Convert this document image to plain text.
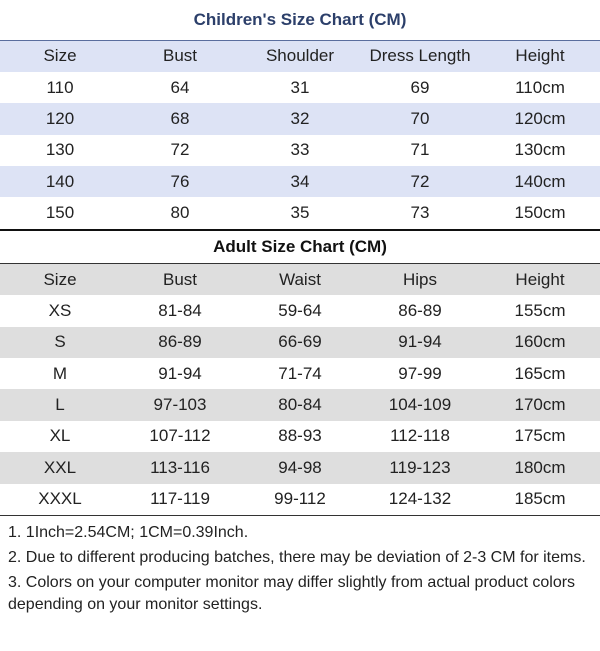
Children's Size Chart (CM)
Size	Bust	Shoulder	Dress Length	Height
110	64	31	69	110cm
120	68	32	70	120cm
130	72	33	71	130cm
140	76	34	72	140cm
150	80	35	73	150cm
Adult Size Chart (CM)
Size	Bust	Waist	Hips	Height
XS	81-84	59-64	86-89	155cm
S	86-89	66-69	91-94	160cm
M	91-94	71-74	97-99	165cm
L	97-103	80-84	104-109	170cm
XL	107-112	88-93	112-118	175cm
XXL	113-116	94-98	119-123	180cm
XXXL	117-119	99-112	124-132	185cm

1. 1Inch=2.54CM; 1CM=0.39Inch.

2. Due to different producing batches, there may be deviation of 2-3 CM for items.

3. Colors on your computer monitor may differ slightly from actual product colors depending on your monitor settings.
